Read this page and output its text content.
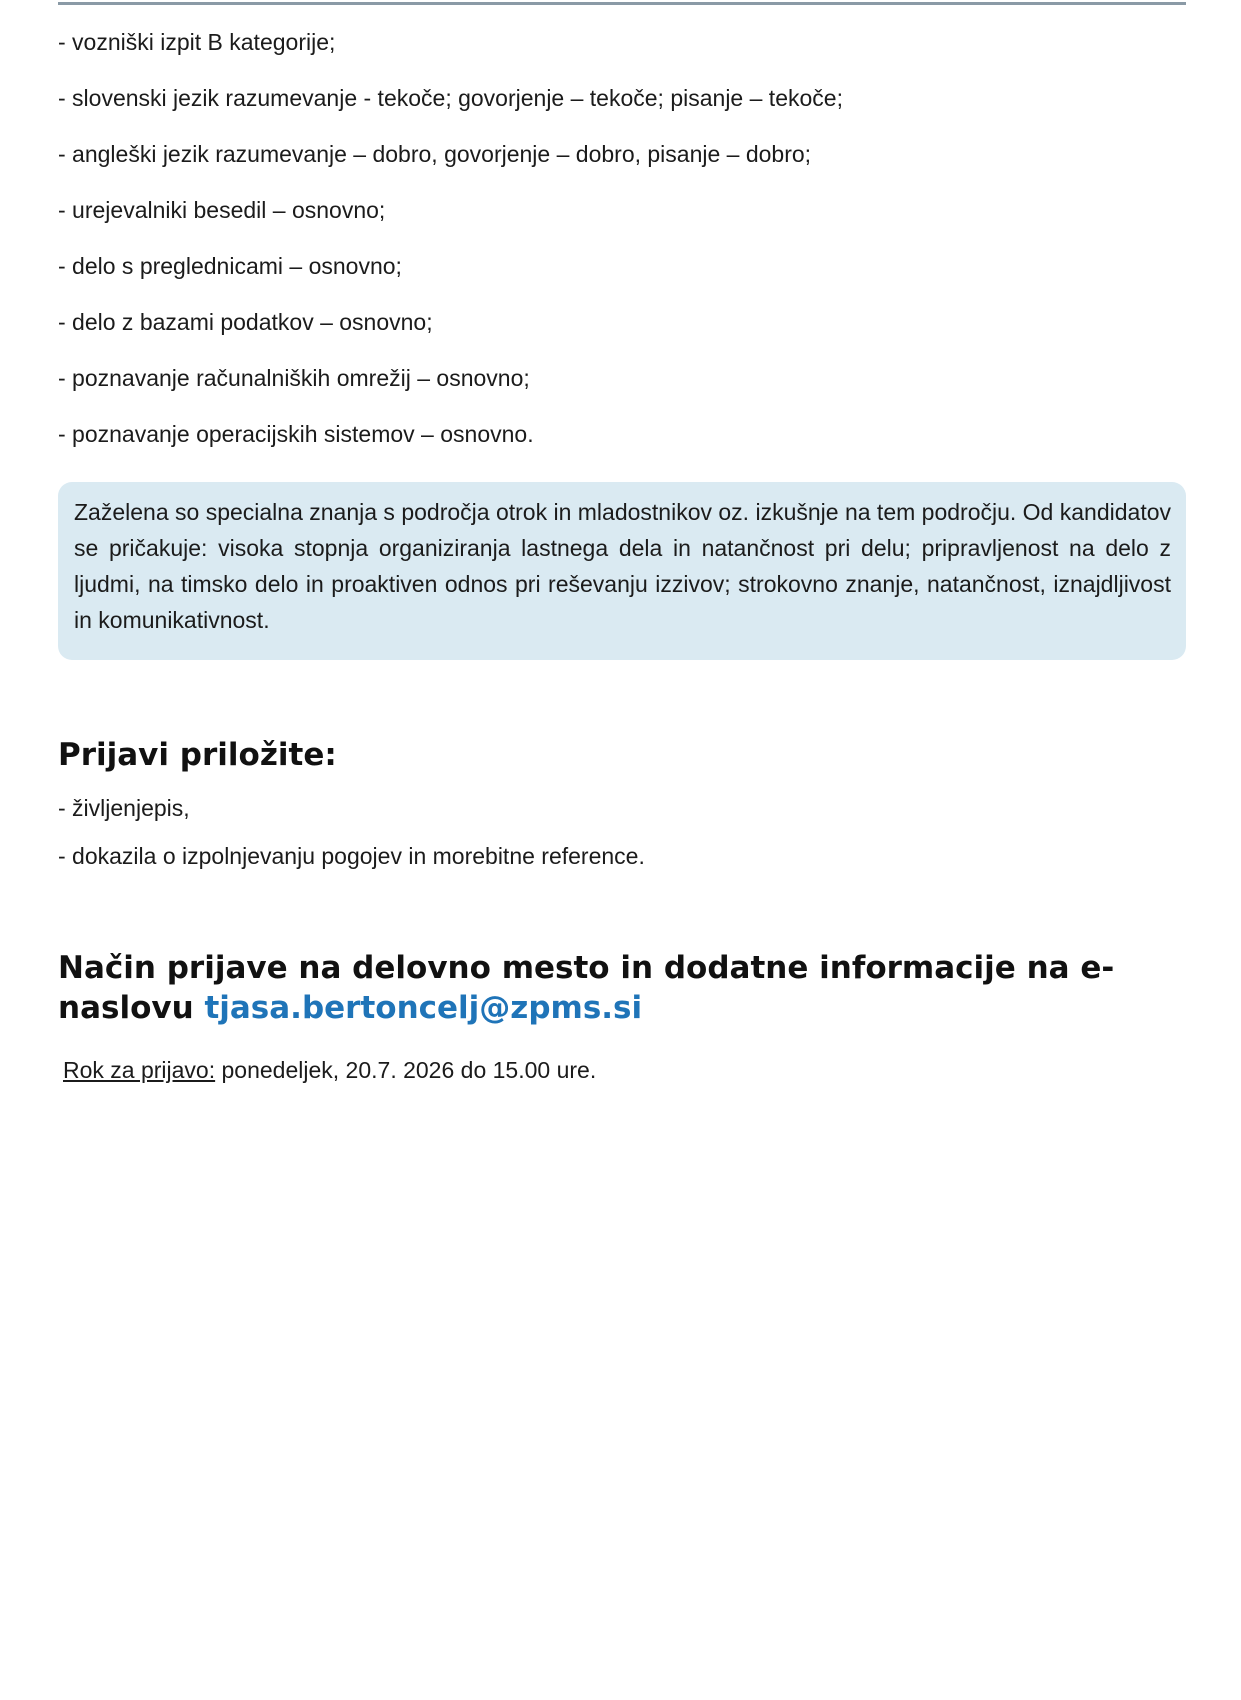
- vozniški izpit B kategorije;
- slovenski jezik razumevanje - tekoče; govorjenje – tekoče; pisanje – tekoče;
- angleški jezik razumevanje – dobro, govorjenje – dobro, pisanje – dobro;
- urejevalniki besedil – osnovno;
- delo s preglednicami – osnovno;
- delo z bazami podatkov – osnovno;
- poznavanje računalniških omrežij – osnovno;
- poznavanje operacijskih sistemov – osnovno.

Zaželena so specialna znanja s področja otrok in mladostnikov oz. izkušnje na tem področju. Od kandidatov se pričakuje: visoka stopnja organiziranja lastnega dela in natančnost pri delu; pripravljenost na delo z ljudmi, na timsko delo in proaktiven odnos pri reševanju izzivov; strokovno znanje, natančnost, iznajdljivost in komunikativnost.

Prijavi priložite:
- življenjepis,
- dokazila o izpolnjevanju pogojev in morebitne reference.
Način prijave na delovno mesto in dodatne informacije na e-
naslovu tjasa.bertoncelj@zpms.si

Rok za prijavo: ponedeljek, 20.7. 2026 do 15.00 ure.
